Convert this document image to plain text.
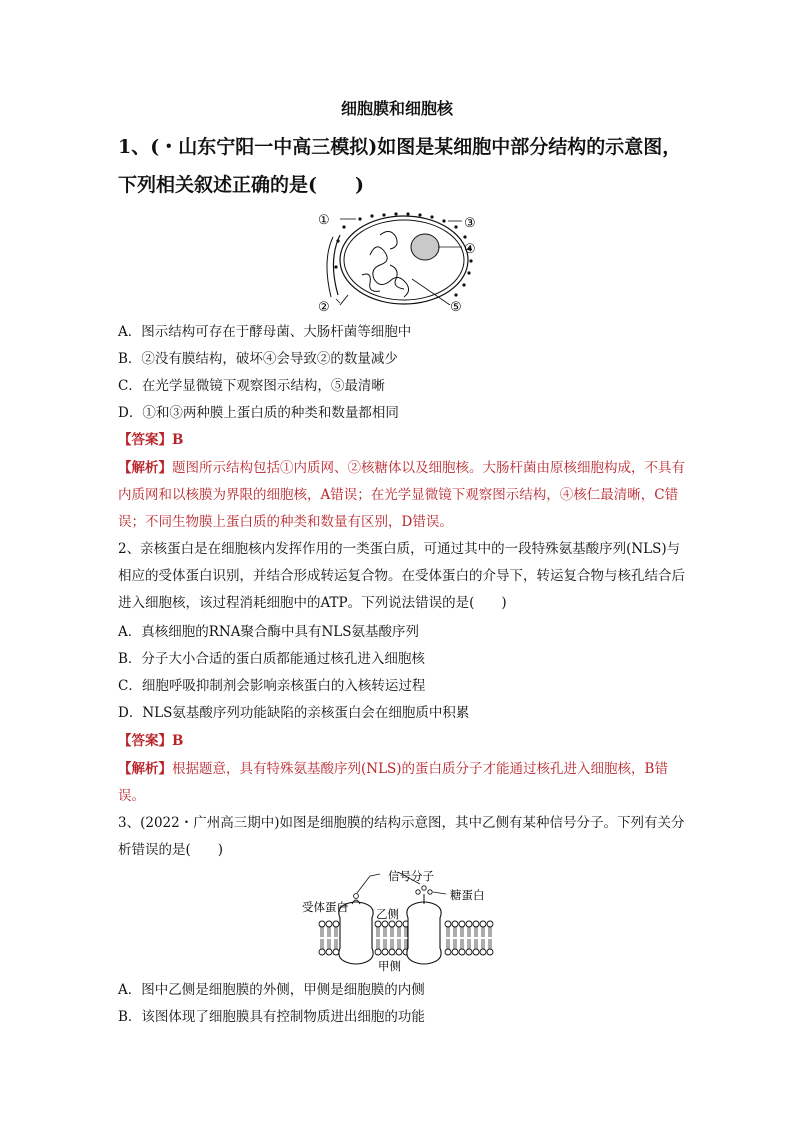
细胞膜和细胞核
1、(・山东宁阳一中高三模拟)如图是某细胞中部分结构的示意图，下列相关叙述正确的是(　　)
①
②
③
④
⑤
A．图示结构可存在于酵母菌、大肠杆菌等细胞中
B．②没有膜结构，破坏④会导致②的数量减少
C．在光学显微镜下观察图示结构，⑤最清晰
D．①和③两种膜上蛋白质的种类和数量都相同
【答案】B
【解析】题图所示结构包括①内质网、②核糖体以及细胞核。大肠杆菌由原核细胞构成，不具有内质网和以核膜为界限的细胞核，A错误；在光学显微镜下观察图示结构，④核仁最清晰，C错误；不同生物膜上蛋白质的种类和数量有区别，D错误。
2、亲核蛋白是在细胞核内发挥作用的一类蛋白质，可通过其中的一段特殊氨基酸序列(NLS)与相应的受体蛋白识别，并结合形成转运复合物。在受体蛋白的介导下，转运复合物与核孔结合后进入细胞核，该过程消耗细胞中的ATP。下列说法错误的是(　　)
A．真核细胞的RNA聚合酶中具有NLS氨基酸序列
B．分子大小合适的蛋白质都能通过核孔进入细胞核
C．细胞呼吸抑制剂会影响亲核蛋白的入核转运过程
D．NLS氨基酸序列功能缺陷的亲核蛋白会在细胞质中积累
【答案】B
【解析】根据题意，具有特殊氨基酸序列(NLS)的蛋白质分子才能通过核孔进入细胞核，B错误。
3、(2022・广州高三期中)如图是细胞膜的结构示意图，其中乙侧有某种信号分子。下列有关分析错误的是(　　)
信号分子
受体蛋白 乙侧
糖蛋白
甲侧
A．图中乙侧是细胞膜的外侧，甲侧是细胞膜的内侧
B．该图体现了细胞膜具有控制物质进出细胞的功能
